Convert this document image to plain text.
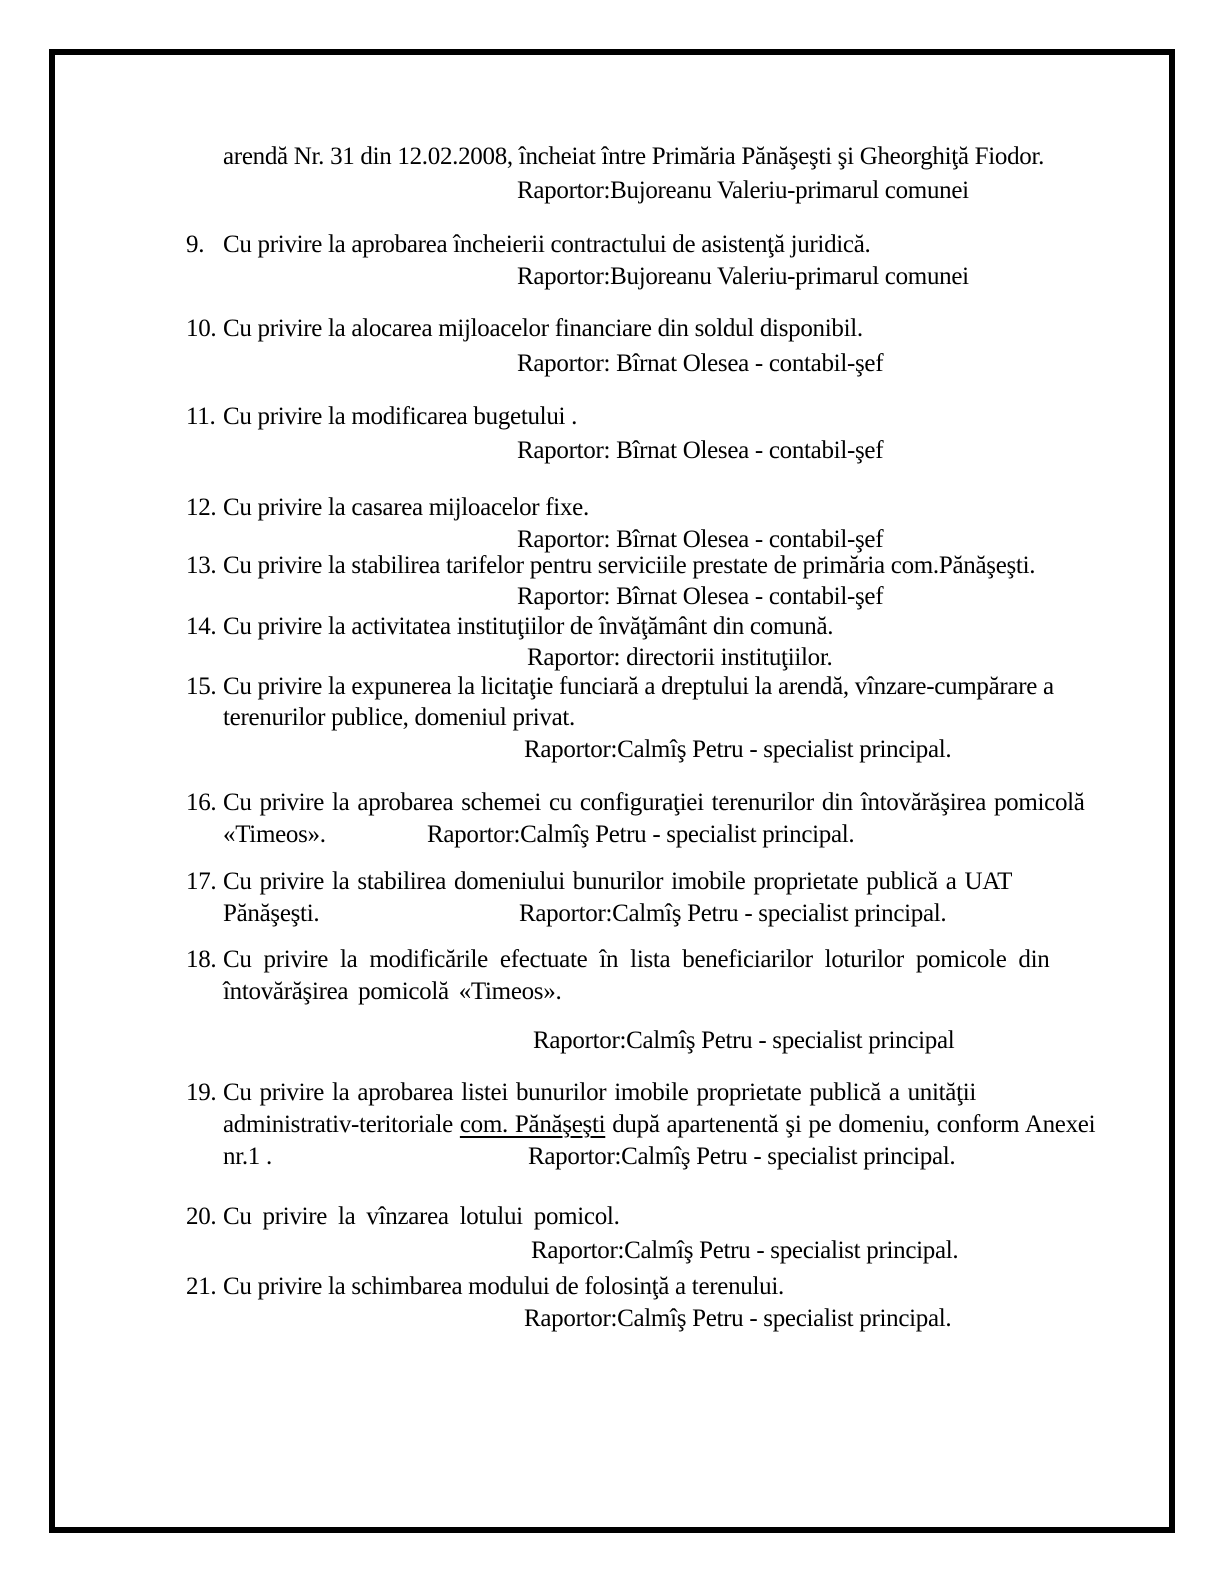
arendă Nr. 31 din 12.02.2008, încheiat între Primăria Pănăşeşti şi Gheorghiţă Fiodor.
Raportor:Bujoreanu Valeriu-primarul comunei
9. Cu privire la aprobarea încheierii contractului de asistenţă juridică.
Raportor:Bujoreanu Valeriu-primarul comunei
10. Cu privire la alocarea mijloacelor financiare din soldul disponibil.
Raportor: Bîrnat Olesea - contabil-şef
11. Cu privire la modificarea bugetului .
Raportor: Bîrnat Olesea - contabil-şef
12. Cu privire la casarea mijloacelor fixe.
Raportor: Bîrnat Olesea - contabil-şef
13. Cu privire la stabilirea tarifelor pentru serviciile prestate de primăria com.Pănăşeşti.
Raportor: Bîrnat Olesea - contabil-şef
14. Cu privire la activitatea instituţiilor de învăţământ din comună.
Raportor: directorii instituţiilor.
15. Cu privire la expunerea la licitaţie funciară a dreptului la arendă, vînzare-cumpărare a
terenurilor publice, domeniul privat.
Raportor:Calmîş Petru - specialist principal.
16. Cu privire la aprobarea schemei cu configuraţiei terenurilor din întovărăşirea pomicolă
«Timeos».	Raportor:Calmîş Petru - specialist principal.
17. Cu privire la stabilirea domeniului bunurilor imobile proprietate publică a UAT
Pănăşeşti.	Raportor:Calmîş Petru - specialist principal.
18. Cu privire la modificările efectuate în lista beneficiarilor loturilor pomicole din
întovărăşirea pomicolă «Timeos».
Raportor:Calmîş Petru - specialist principal
19. Cu privire la aprobarea listei bunurilor imobile proprietate publică a unităţii
administrativ-teritoriale com. Pănăşeşti după apartenentă şi pe domeniu, conform Anexei
nr.1 .	Raportor:Calmîş Petru - specialist principal.
20. Cu privire la vînzarea lotului pomicol.
Raportor:Calmîş Petru - specialist principal.
21. Cu privire la schimbarea modului de folosinţă a terenului.
Raportor:Calmîş Petru - specialist principal.
